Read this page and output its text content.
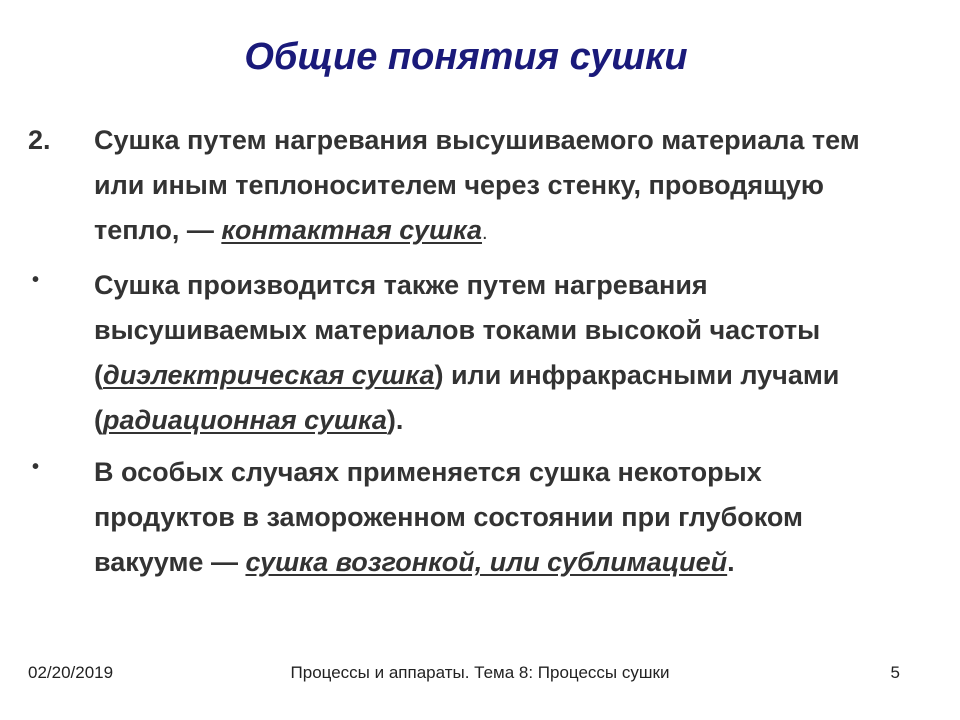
Общие понятия сушки
2.	Сушка путем нагревания высушиваемого материала тем или иным теплоносителем через стенку, проводящую тепло, — контактная сушка.
•	Сушка производится также путем нагревания высушиваемых материалов токами высокой частоты (диэлектрическая сушка) или инфракрасными лучами (радиационная сушка).
•	В особых случаях применяется сушка некоторых продуктов в замороженном состоянии при глубоком вакууме — сушка возгонкой, или сублимацией.
02/20/2019	Процессы и аппараты. Тема 8: Процессы сушки	5
